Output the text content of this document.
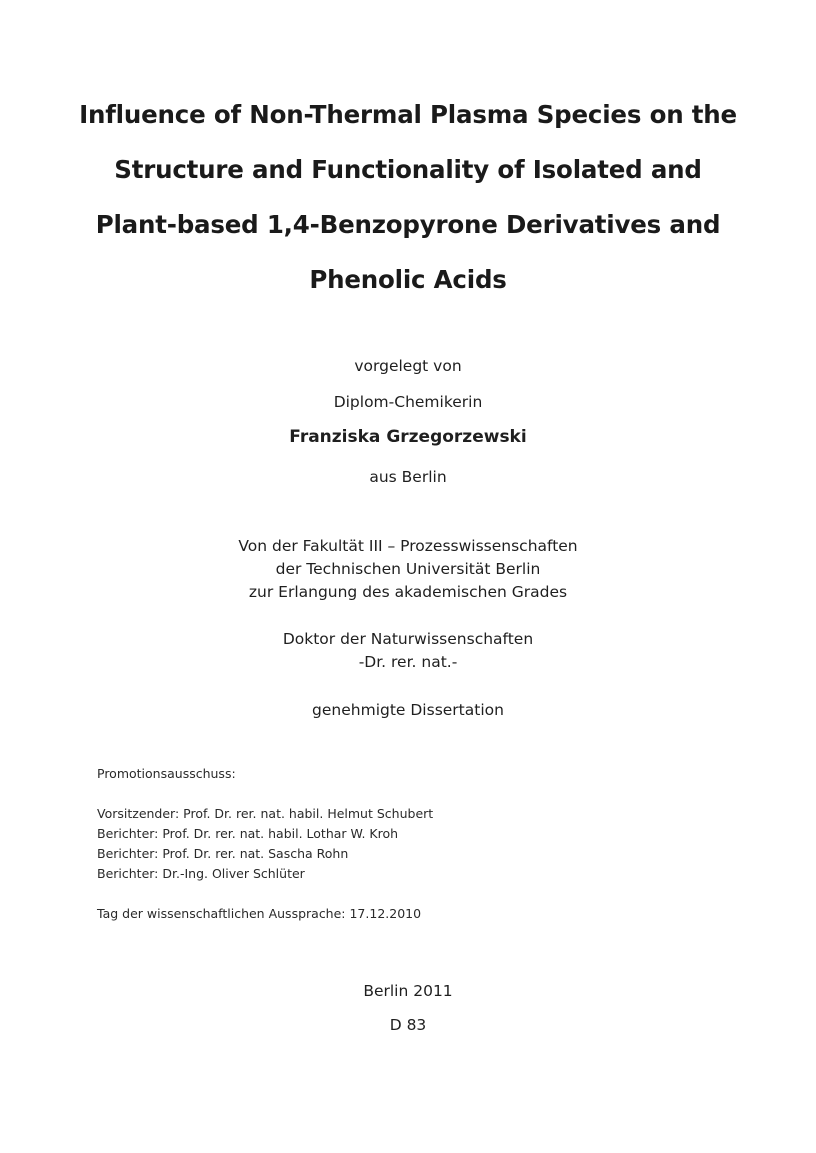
Influence of Non-Thermal Plasma Species on the
Structure and Functionality of Isolated and
Plant-based 1,4-Benzopyrone Derivatives and
Phenolic Acids
vorgelegt von
Diplom-Chemikerin
Franziska Grzegorzewski
aus Berlin
Von der Fakultät III – Prozesswissenschaften
der Technischen Universität Berlin
zur Erlangung des akademischen Grades
Doktor der Naturwissenschaften
-Dr. rer. nat.-
genehmigte Dissertation
Promotionsausschuss:
Vorsitzender: Prof. Dr. rer. nat. habil. Helmut Schubert
Berichter: Prof. Dr. rer. nat. habil. Lothar W. Kroh
Berichter: Prof. Dr. rer. nat. Sascha Rohn
Berichter: Dr.-Ing. Oliver Schlüter
Tag der wissenschaftlichen Aussprache: 17.12.2010
Berlin 2011
D 83
